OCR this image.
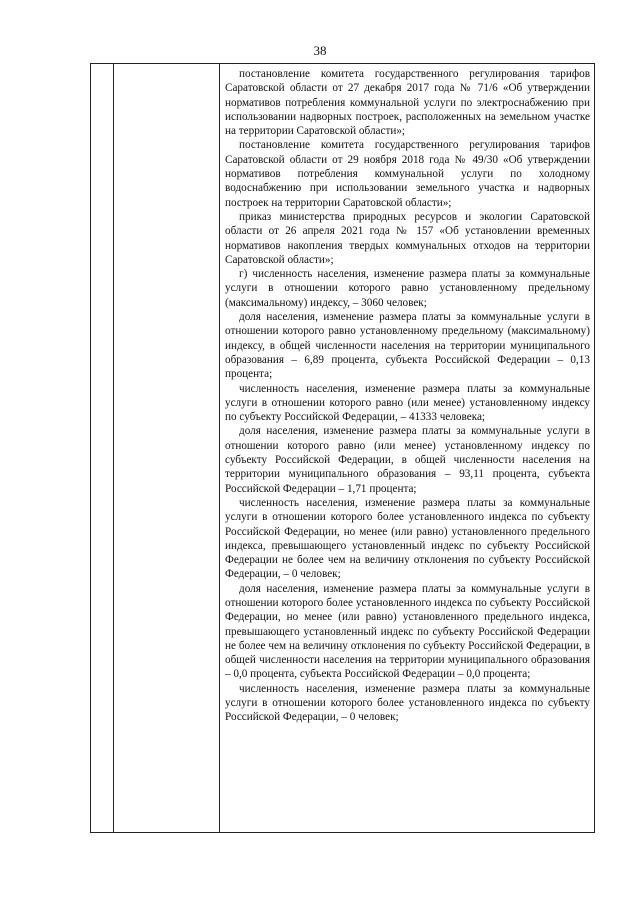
38

постановление комитета государственного регулирования тарифов Саратовской области от 27 декабря 2017 года № 71/6 «Об утверждении нормативов потребления коммунальной услуги по электроснабжению при использовании надворных построек, расположенных на земельном участке на территории Саратовской области»;

постановление комитета государственного регулирования тарифов Саратовской области от 29 ноября 2018 года № 49/30 «Об утверждении нормативов потребления коммунальной услуги по холодному водоснабжению при использовании земельного участка и надворных построек на территории Саратовской области»;

приказ министерства природных ресурсов и экологии Саратовской области от 26 апреля 2021 года № 157 «Об установлении временных нормативов накопления твердых коммунальных отходов на территории Саратовской области»;

г) численность населения, изменение размера платы за коммунальные услуги в отношении которого равно установленному предельному (максимальному) индексу, – 3060 человек;

доля населения, изменение размера платы за коммунальные услуги в отношении которого равно установленному предельному (максимальному) индексу, в общей численности населения на территории муниципального образования – 6,89 процента, субъекта Российской Федерации – 0,13 процента;

численность населения, изменение размера платы за коммунальные услуги в отношении которого равно (или менее) установленному индексу по субъекту Российской Федерации, – 41333 человека;

доля населения, изменение размера платы за коммунальные услуги в отношении которого равно (или менее) установленному индексу по субъекту Российской Федерации, в общей численности населения на территории муниципального образования – 93,11 процента, субъекта Российской Федерации – 1,71 процента;

численность населения, изменение размера платы за коммунальные услуги в отношении которого более установленного индекса по субъекту Российской Федерации, но менее (или равно) установленного предельного индекса, превышающего установленный индекс по субъекту Российской Федерации не более чем на величину отклонения по субъекту Российской Федерации, – 0 человек;

доля населения, изменение размера платы за коммунальные услуги в отношении которого более установленного индекса по субъекту Российской Федерации, но менее (или равно) установленного предельного индекса, превышающего установленный индекс по субъекту Российской Федерации не более чем на величину отклонения по субъекту Российской Федерации, в общей численности населения на территории муниципального образования – 0,0 процента, субъекта Российской Федерации – 0,0 процента;

численность населения, изменение размера платы за коммунальные услуги в отношении которого более установленного индекса по субъекту Российской Федерации, – 0 человек;
